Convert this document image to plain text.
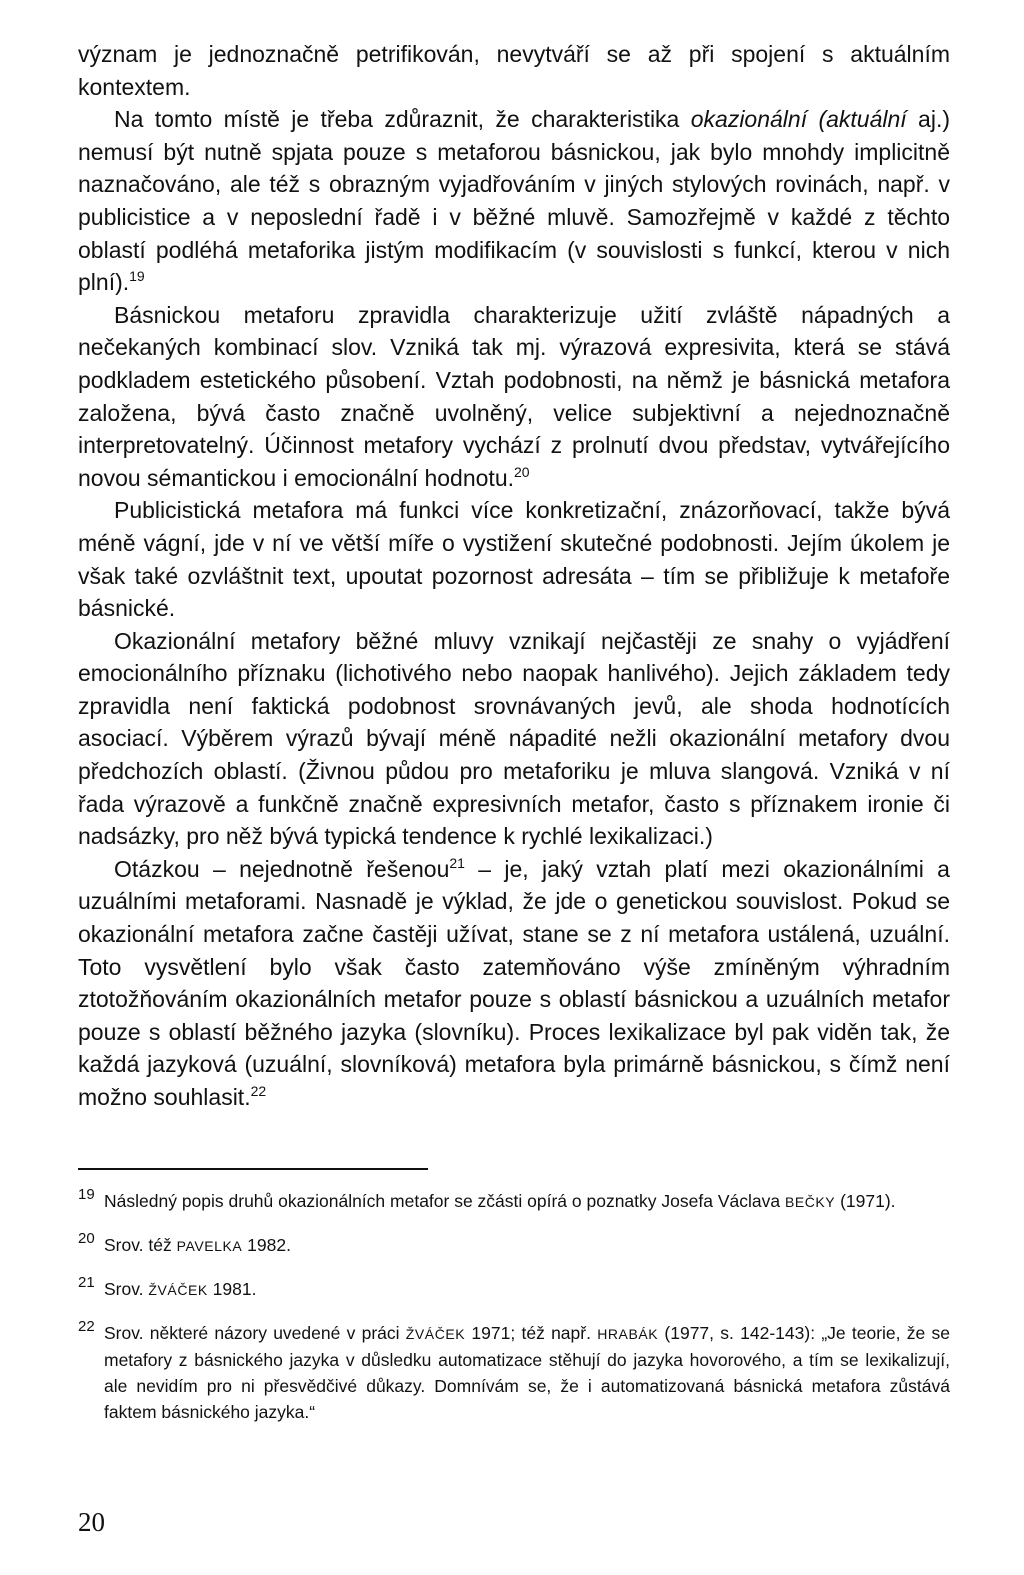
význam je jednoznačně petrifikován, nevytváří se až při spojení s aktuálním kontextem.

Na tomto místě je třeba zdůraznit, že charakteristika okazionální (aktuální aj.) nemusí být nutně spjata pouze s metaforou básnickou, jak bylo mnohdy implicitně naznačováno, ale též s obrazným vyjadřováním v jiných stylových rovinách, např. v publicistice a v neposlední řadě i v běžné mluvě. Samozřejmě v každé z těchto oblastí podléhá metaforika jistým modifikacím (v souvislosti s funkcí, kterou v nich plní).$^{19}$

Básnickou metaforu zpravidla charakterizuje užití zvláště nápadných a nečekaných kombinací slov. Vzniká tak mj. výrazová expresivita, která se stává podkladem estetického působení. Vztah podobnosti, na němž je básnická metafora založena, bývá často značně uvolněný, velice subjektivní a nejednoznačně interpretovatelný. Účinnost metafory vychází z prolnutí dvou představ, vytvářejícího novou sémantickou i emocionální hodnotu.$^{20}$

Publicistická metafora má funkci více konkretizační, znázorňovací, takže bývá méně vágní, jde v ní ve větší míře o vystižení skutečné podobnosti. Jejím úkolem je však také ozvláštnit text, upoutat pozornost adresáta – tím se přibližuje k metafoře básnické.

Okazionální metafory běžné mluvy vznikají nejčastěji ze snahy o vyjádření emocionálního příznaku (lichotivého nebo naopak hanlivého). Jejich základem tedy zpravidla není faktická podobnost srovnávaných jevů, ale shoda hodnotících asociací. Výběrem výrazů bývají méně nápadité nežli okazionální metafory dvou předchozích oblastí. (Živnou půdou pro metaforiku je mluva slangová. Vzniká v ní řada výrazově a funkčně značně expresivních metafor, často s příznakem ironie či nadsázky, pro něž bývá typická tendence k rychlé lexikalizaci.)

Otázkou – nejednotně řešenou$^{21}$ – je, jaký vztah platí mezi okazionálními a uzuálními metaforami. Nasnadě je výklad, že jde o genetickou souvislost. Pokud se okazionální metafora začne častěji užívat, stane se z ní metafora ustálená, uzuální. Toto vysvětlení bylo však často zatemňováno výše zmíněným výhradním ztotožňováním okazionálních metafor pouze s oblastí básnickou a uzuálních metafor pouze s oblastí běžného jazyka (slovníku). Proces lexikalizace byl pak viděn tak, že každá jazyková (uzuální, slovníková) metafora byla primárně básnickou, s čímž není možno souhlasit.$^{22}$

19 Následný popis druhů okazionálních metafor se zčásti opírá o poznatky Josefa Václava BEČKY (1971).
20 Srov. též PAVELKA 1982.
21 Srov. ŽVÁČEK 1981.
22 Srov. některé názory uvedené v práci ŽVÁČEK 1971; též např. HRABÁK (1977, s. 142-143): „Je teorie, že se metafory z básnického jazyka v důsledku automatizace stěhují do jazyka hovorového, a tím se lexikalizují, ale nevidím pro ni přesvědčivé důkazy. Domnívám se, že i automatizovaná básnická metafora zůstává faktem básnického jazyka.“
20
